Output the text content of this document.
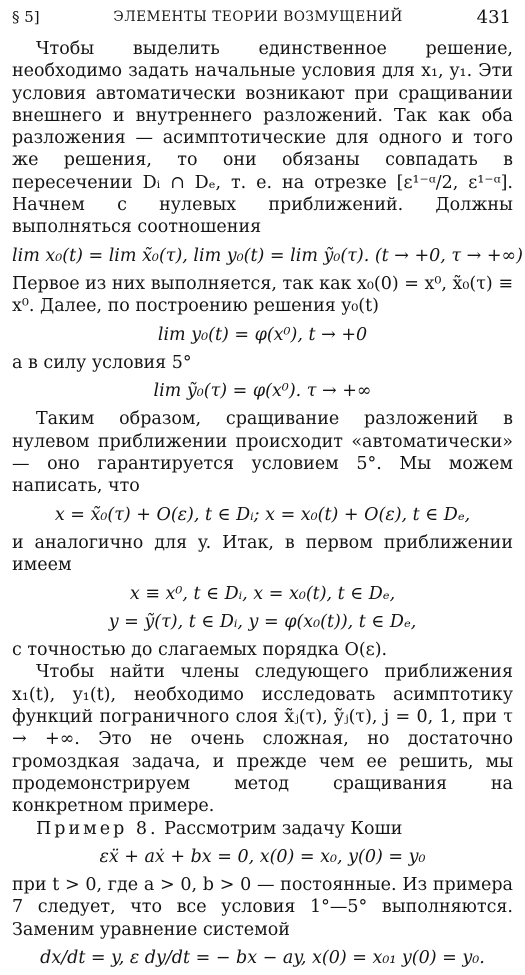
§ 5]	ЭЛЕМЕНТЫ ТЕОРИИ ВОЗМУЩЕНИЙ	431

Чтобы выделить единственное решение, необходимо задать начальные условия для x₁, y₁. Эти условия автоматически возникают при сращивании внешнего и внутреннего разложений. Так как оба разложения — асимптотические для одного и того же решения, то они обязаны совпадать в пересечении Dᵢ ∩ Dₑ, т. е. на отрезке [ε¹⁻ᵅ/2, ε¹⁻ᵅ]. Начнем с нулевых приближений. Должны выполняться соотношения

lim x₀(t) = lim x̃₀(τ), lim y₀(t) = lim ỹ₀(τ). (t → +0, τ → +∞)

Первое из них выполняется, так как x₀(0) = x⁰, x̃₀(τ) ≡ x⁰. Далее, по построению решения y₀(t)

lim y₀(t) = φ(x⁰), t → +0

а в силу условия 5°

lim ỹ₀(τ) = φ(x⁰). τ → +∞

Таким образом, сращивание разложений в нулевом приближении происходит «автоматически» — оно гарантируется условием 5°. Мы можем написать, что

x = x̃₀(τ) + O(ε), t ∈ Dᵢ; x = x₀(t) + O(ε), t ∈ Dₑ,

и аналогично для y. Итак, в первом приближении имеем

x ≡ x⁰, t ∈ Dᵢ, x = x₀(t), t ∈ Dₑ,
y = ỹ(τ), t ∈ Dᵢ, y = φ(x₀(t)), t ∈ Dₑ,

с точностью до слагаемых порядка O(ε).

Чтобы найти члены следующего приближения x₁(t), y₁(t), необходимо исследовать асимптотику функций пограничного слоя x̃ⱼ(τ), ỹⱼ(τ), j = 0, 1, при τ → +∞. Это не очень сложная, но достаточно громоздкая задача, и прежде чем ее решить, мы продемонстрируем метод сращивания на конкретном примере.

Пример 8. Рассмотрим задачу Коши

εẍ + aẋ + bx = 0, x(0) = x₀, y(0) = y₀

при t > 0, где a > 0, b > 0 — постоянные. Из примера 7 следует, что все условия 1°—5° выполняются. Заменим уравнение системой

dx/dt = y, ε dy/dt = − bx − ay, x(0) = x₀₁ y(0) = y₀.
